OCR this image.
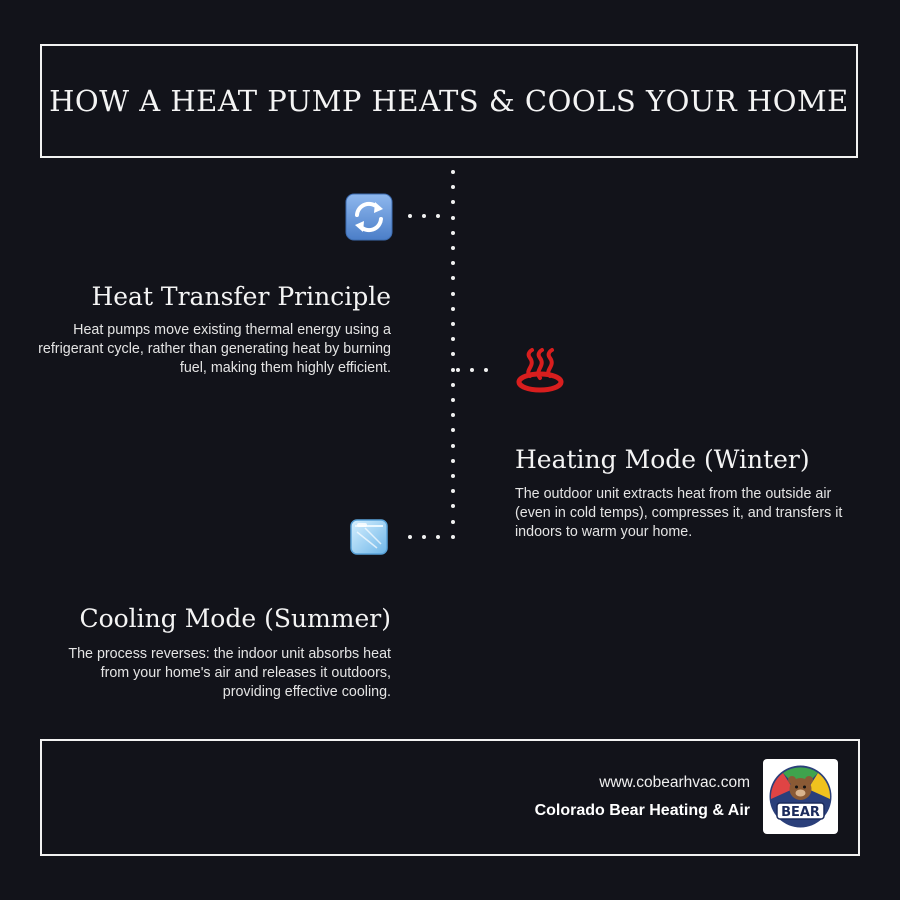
HOW A HEAT PUMP HEATS & COOLS YOUR HOME
Heat Transfer Principle
Heat pumps move existing thermal energy using a refrigerant cycle, rather than generating heat by burning fuel, making them highly efficient.
Heating Mode (Winter)
The outdoor unit extracts heat from the outside air (even in cold temps), compresses it, and transfers it indoors to warm your home.
Cooling Mode (Summer)
The process reverses: the indoor unit absorbs heat from your home's air and releases it outdoors, providing effective cooling.
www.cobearhvac.com
Colorado Bear Heating & Air BEAR
